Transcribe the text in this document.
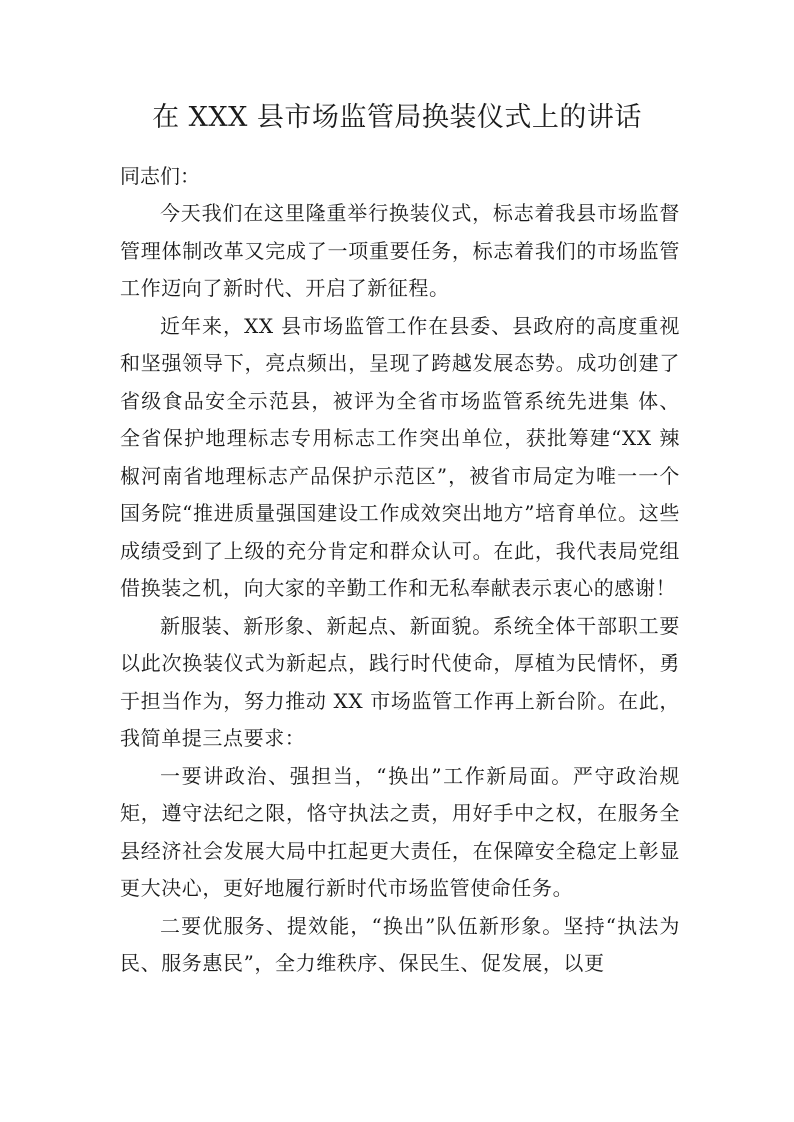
在 XXX 县市场监管局换装仪式上的讲话

同志们：

今天我们在这里隆重举行换装仪式，标志着我县市场监督管理体制改革又完成了一项重要任务，标志着我们的市场监管工作迈向了新时代、开启了新征程。

近年来，XX 县市场监管工作在县委、县政府的高度重视和坚强领导下，亮点频出，呈现了跨越发展态势。成功创建了省级食品安全示范县，被评为全省市场监管系统先进集 体、全省保护地理标志专用标志工作突出单位，获批筹建“XX 辣椒河南省地理标志产品保护示范区”，被省市局定为唯一一个国务院“推进质量强国建设工作成效突出地方”培育单位。这些成绩受到了上级的充分肯定和群众认可。在此，我代表局党组借换装之机，向大家的辛勤工作和无私奉献表示衷心的感谢！

新服装、新形象、新起点、新面貌。系统全体干部职工要以此次换装仪式为新起点，践行时代使命，厚植为民情怀，勇于担当作为，努力推动 XX 市场监管工作再上新台阶。在此，我简单提三点要求：

一要讲政治、强担当，“换出”工作新局面。严守政治规矩，遵守法纪之限，恪守执法之责，用好手中之权，在服务全县经济社会发展大局中扛起更大责任，在保障安全稳定上彰显更大决心，更好地履行新时代市场监管使命任务。

二要优服务、提效能，“换出”队伍新形象。坚持“执法为民、服务惠民”，全力维秩序、保民生、促发展，以更
